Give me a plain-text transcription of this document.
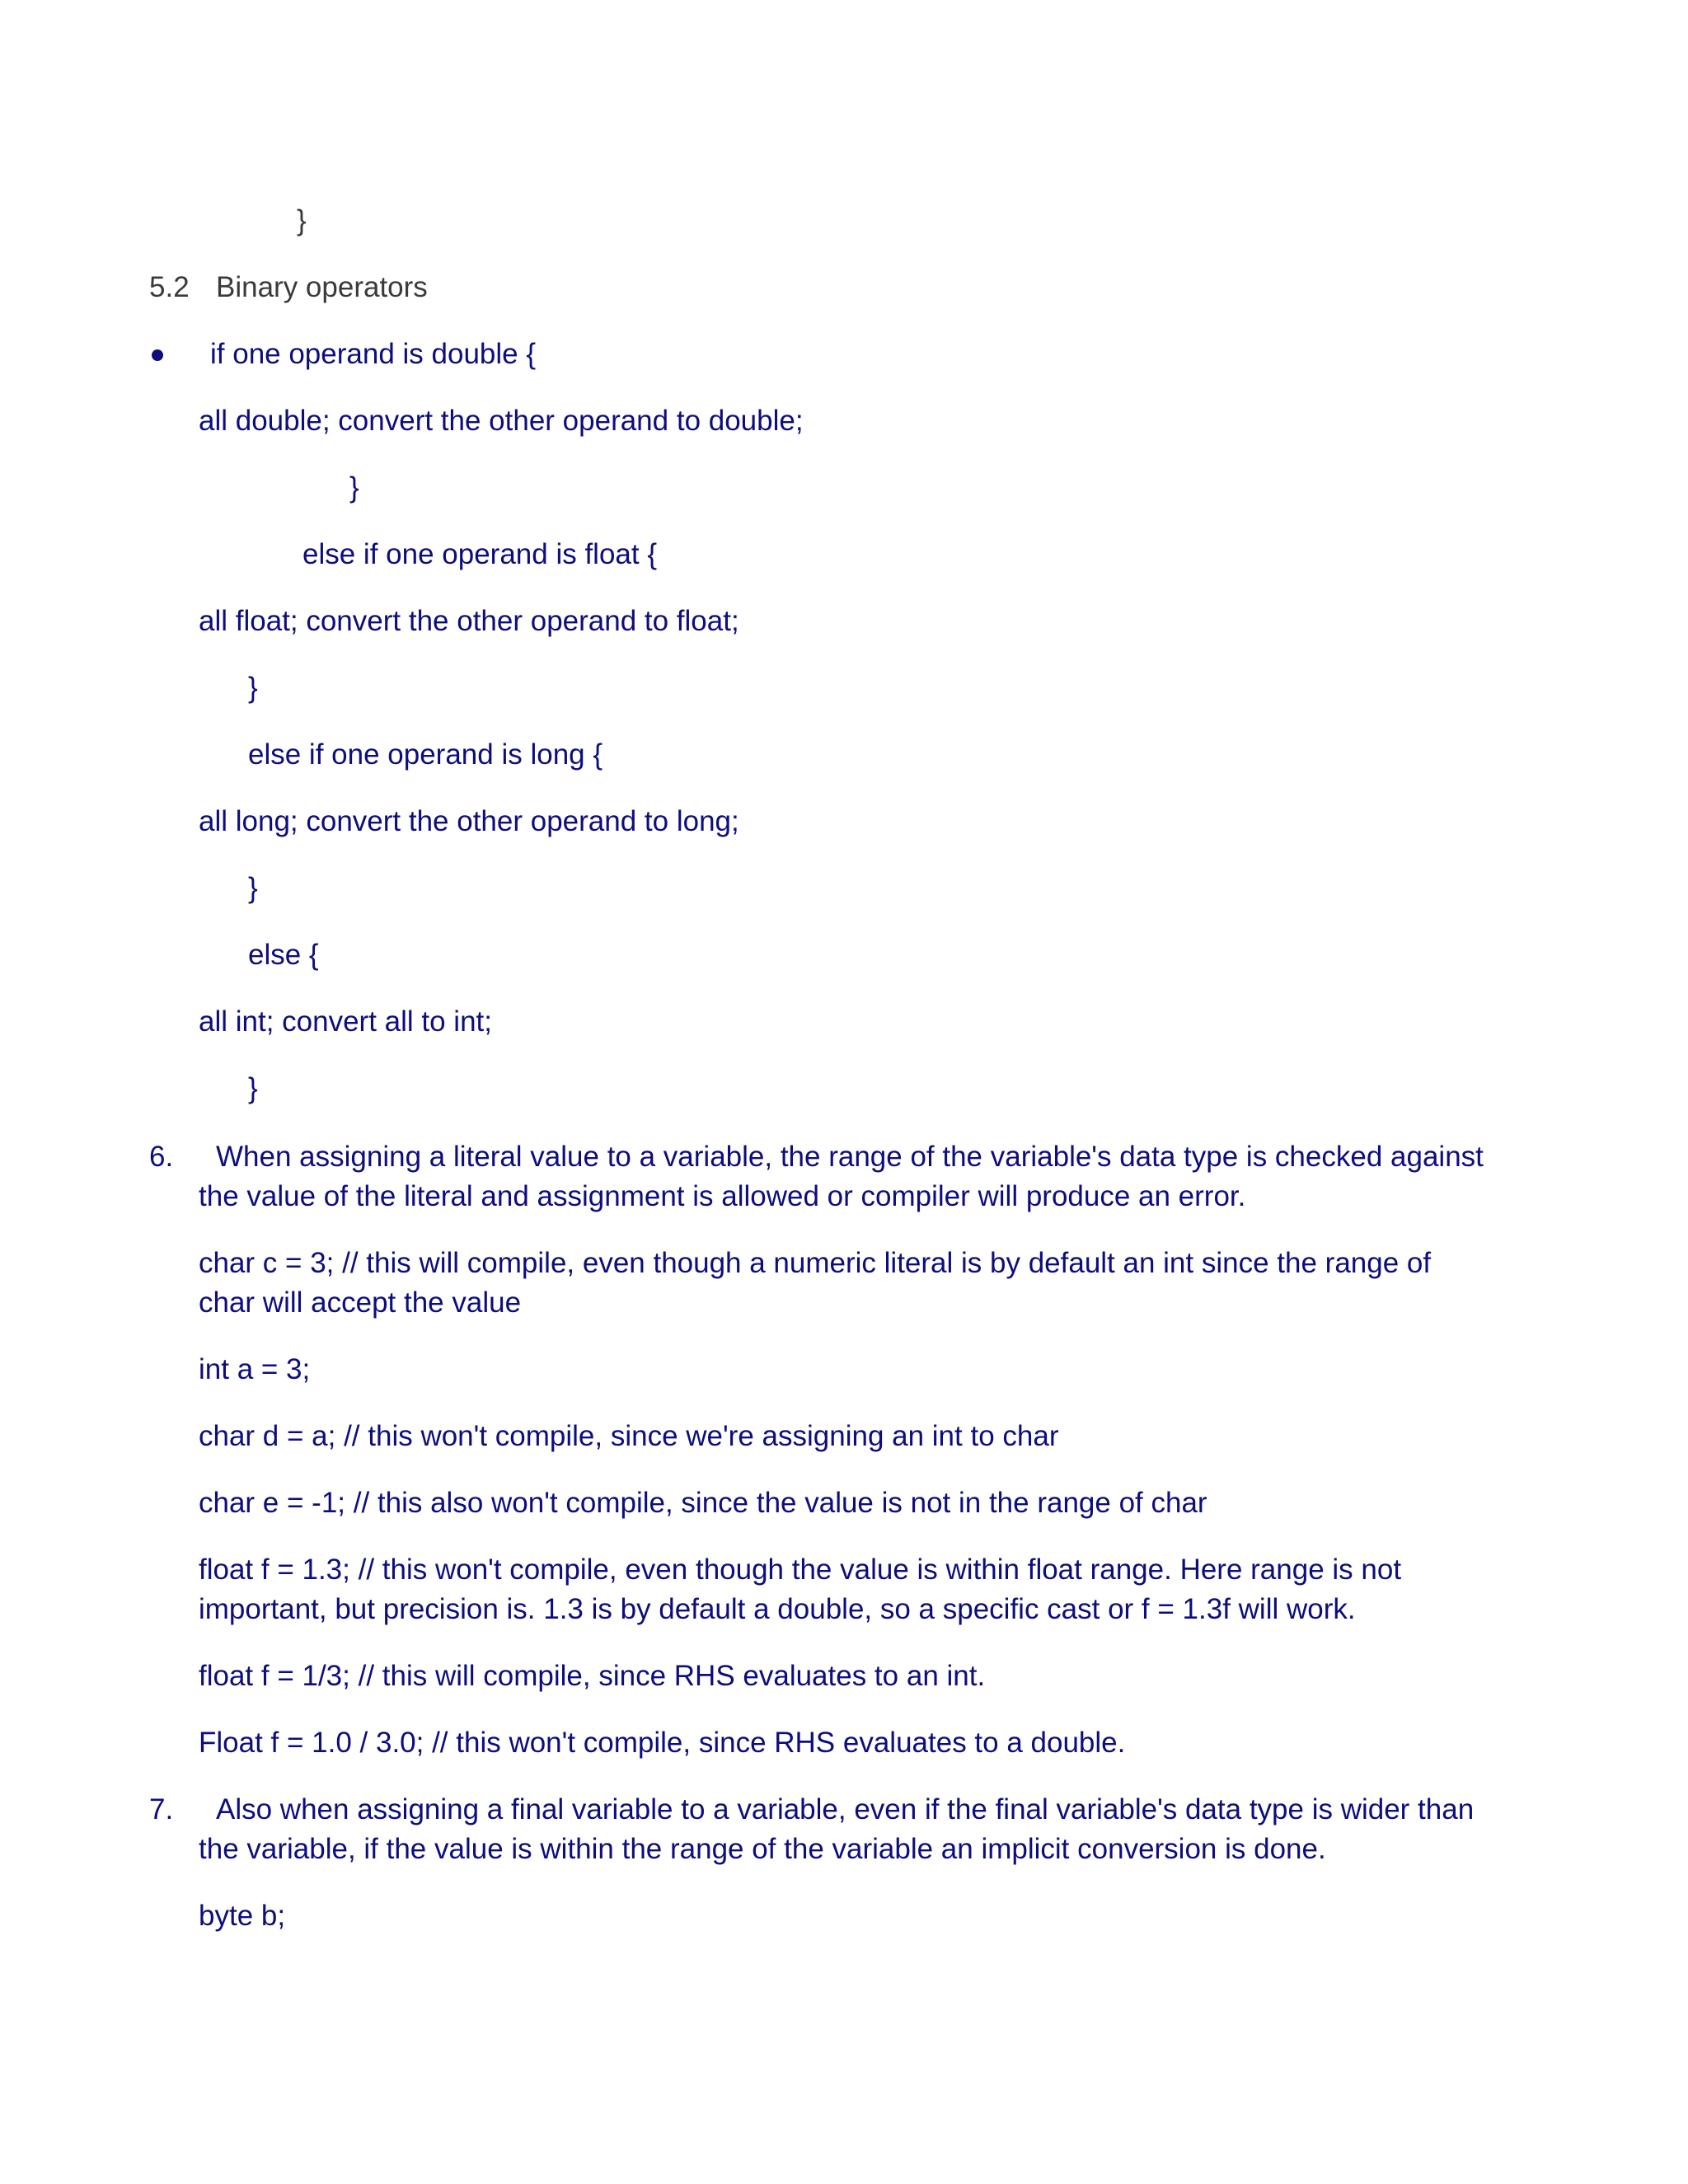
}
5.2 Binary operators
if one operand is double {
all double; convert the other operand to double;
}
else if one operand is float {
all float; convert the other operand to float;
}
else if one operand is long {
all long; convert the other operand to long;
}
else {
all int; convert all to int;
}
6. When assigning a literal value to a variable, the range of the variable's data type is checked against
the value of the literal and assignment is allowed or compiler will produce an error.
char c = 3; // this will compile, even though a numeric literal is by default an int since the range of
char will accept the value
int a = 3;
char d = a; // this won't compile, since we're assigning an int to char
char e = -1; // this also won't compile, since the value is not in the range of char
float f = 1.3; // this won't compile, even though the value is within float range. Here range is not
important, but precision is. 1.3 is by default a double, so a specific cast or f = 1.3f will work.
float f = 1/3; // this will compile, since RHS evaluates to an int.
Float f = 1.0 / 3.0; // this won't compile, since RHS evaluates to a double.
7. Also when assigning a final variable to a variable, even if the final variable's data type is wider than
the variable, if the value is within the range of the variable an implicit conversion is done.
byte b;
